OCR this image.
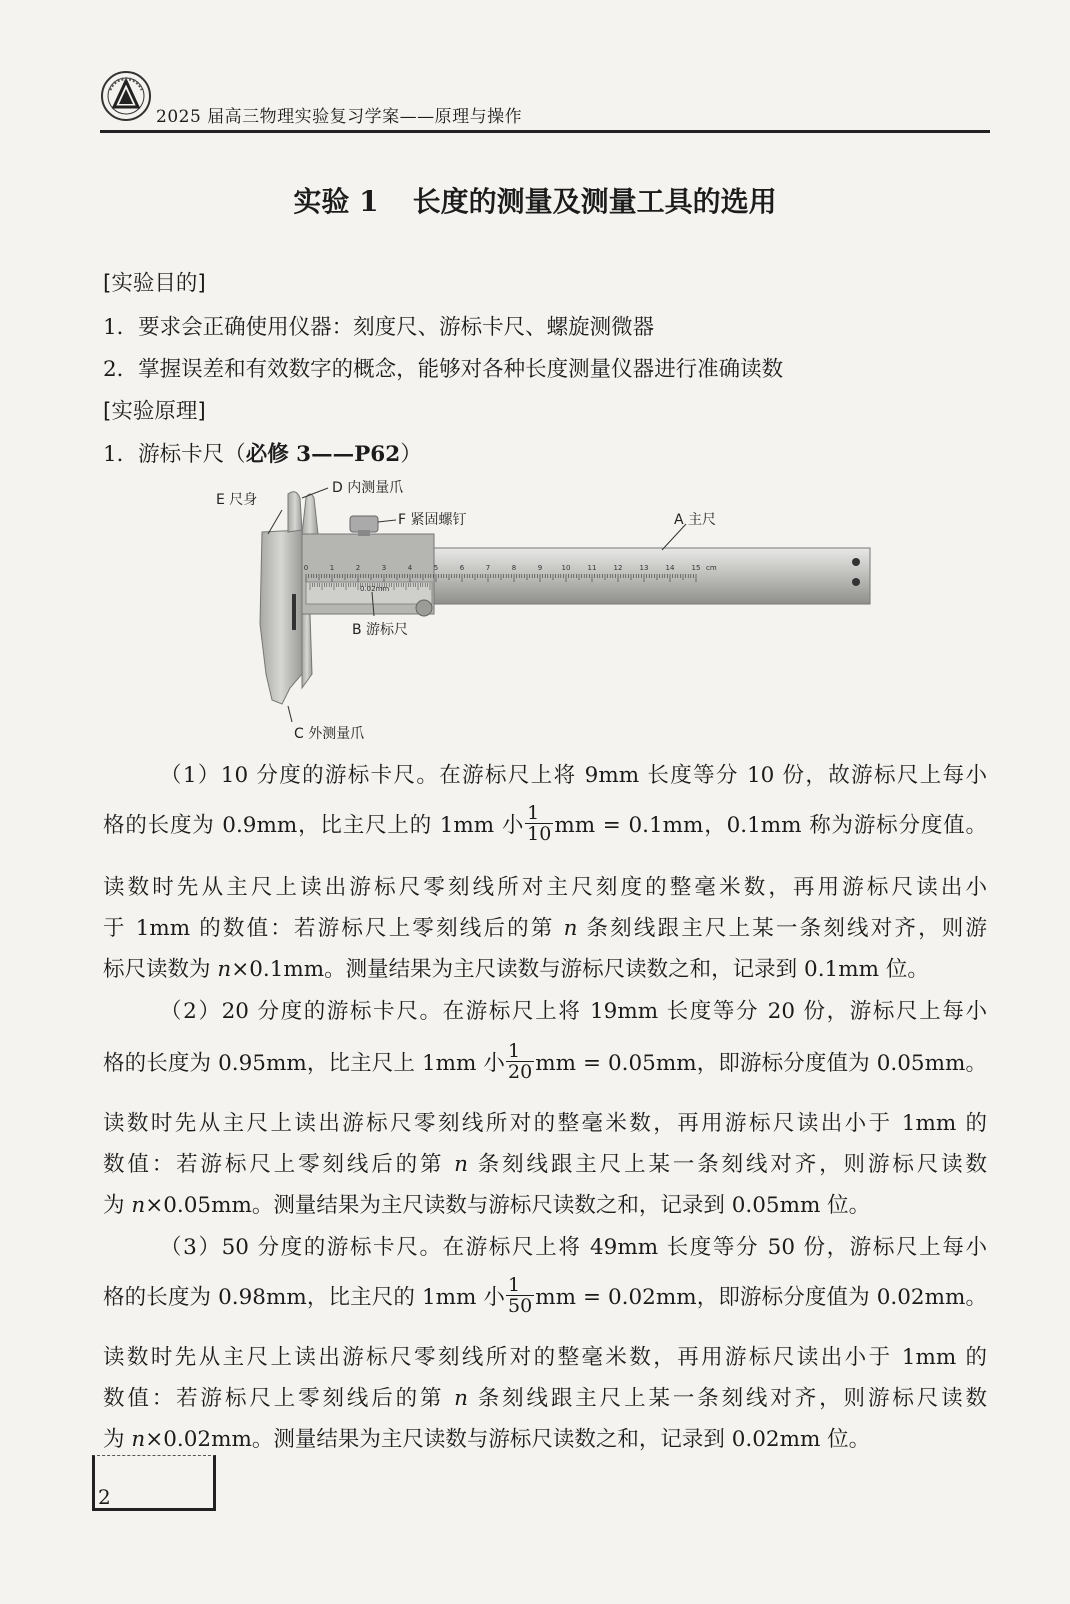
2025 届高三物理实验复习学案——原理与操作
实验 1 长度的测量及测量工具的选用
[实验目的]
1．要求会正确使用仪器：刻度尺、游标卡尺、螺旋测微器
2．掌握误差和有效数字的概念，能够对各种长度测量仪器进行准确读数
[实验原理]
1．游标卡尺（必修 3——P62）
0	1	2	3	4	5	6	7	8	9	10 11 12 13 14 15 cm
0.02mm
E 尺身
D 内测量爪
F 紧固螺钉	A 主尺
B 游标尺
C 外测量爪
（1）10 分度的游标卡尺。在游标尺上将 9mm 长度等分 10 份，故游标尺上每小
格的长度为 0.9mm，比主尺上的 1mm 小 $\frac{1}{10}$ mm = 0.1mm，0.1mm 称为游标分度值。
读数时先从主尺上读出游标尺零刻线所对主尺刻度的整毫米数，再用游标尺读出小
于 1mm 的数值：若游标尺上零刻线后的第 n 条刻线跟主尺上某一条刻线对齐，则游
标尺读数为 n×0.1mm。测量结果为主尺读数与游标尺读数之和，记录到 0.1mm 位。
（2）20 分度的游标卡尺。在游标尺上将 19mm 长度等分 20 份，游标尺上每小
格的长度为 0.95mm，比主尺上 1mm 小 $\frac{1}{20}$ mm = 0.05mm，即游标分度值为 0.05mm。
读数时先从主尺上读出游标尺零刻线所对的整毫米数，再用游标尺读出小于 1mm 的
数值：若游标尺上零刻线后的第 n 条刻线跟主尺上某一条刻线对齐，则游标尺读数
为 n×0.05mm。测量结果为主尺读数与游标尺读数之和，记录到 0.05mm 位。
（3）50 分度的游标卡尺。在游标尺上将 49mm 长度等分 50 份，游标尺上每小
格的长度为 0.98mm，比主尺的 1mm 小 $\frac{1}{50}$ mm = 0.02mm，即游标分度值为 0.02mm。
读数时先从主尺上读出游标尺零刻线所对的整毫米数，再用游标尺读出小于 1mm 的
数值：若游标尺上零刻线后的第 n 条刻线跟主尺上某一条刻线对齐，则游标尺读数
为 n×0.02mm。测量结果为主尺读数与游标尺读数之和，记录到 0.02mm 位。
2
